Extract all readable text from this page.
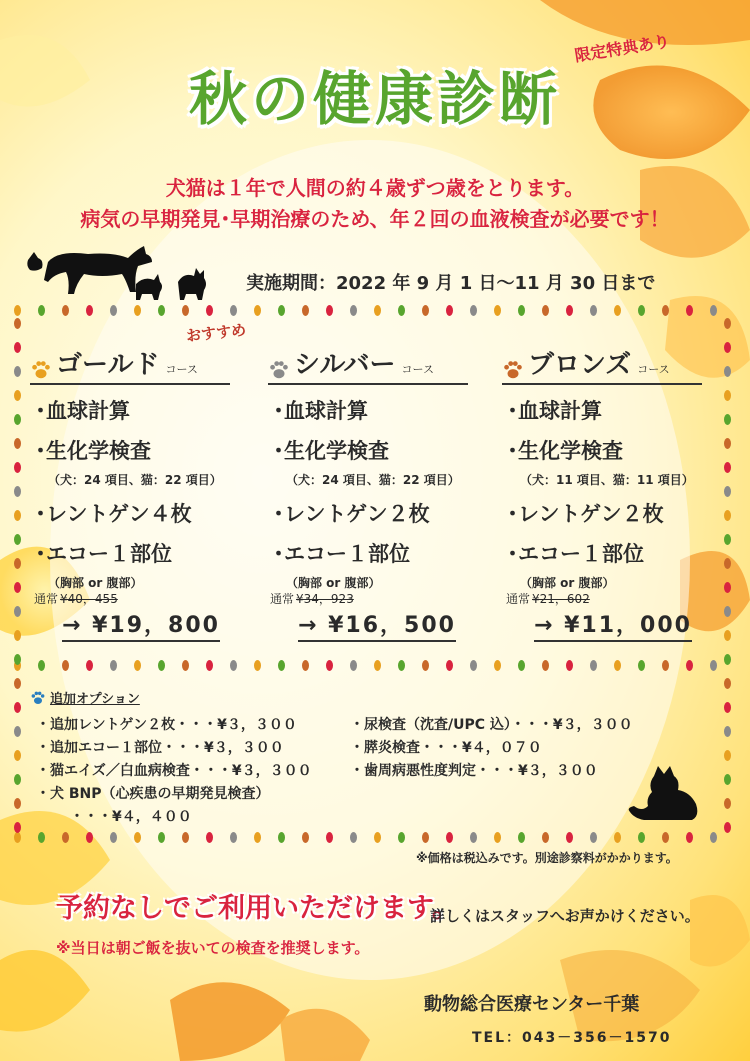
限定特典あり
秋の健康診断
犬猫は１年で人間の約４歳ずつ歳をとります。
病気の早期発見･早期治療のため、年２回の血液検査が必要です！
実施期間：2022 年 9 月 1 日～11 月 30 日まで
おすすめ
ゴールド コース
・血球計算
・生化学検査
（犬：24 項目、猫：22 項目）
・レントゲン４枚
・エコー１部位
（胸部 or 腹部）
シルバー コース
・血球計算
・生化学検査
（犬：24 項目、猫：22 項目）
・レントゲン２枚
・エコー１部位
（胸部 or 腹部）
ブロンズ コース
・血球計算
・生化学検査
（犬：11 項目、猫：11 項目）
・レントゲン２枚
・エコー１部位
（胸部 or 腹部）
通常 ¥40，455
→ ¥19，800
通常 ¥34，923
→ ¥16，500
通常 ¥21，602
→ ¥11，000
追加オプション
・追加レントゲン２枚・・・¥３，３００
・追加エコー１部位・・・¥３，３００
・猫エイズ／白血病検査・・・¥３，３００
・犬 BNP（心疾患の早期発見検査）
・・・¥４，４００
・尿検査（沈査/UPC 込）・・・¥３，３００
・膵炎検査・・・¥４，０７０
・歯周病悪性度判定・・・¥３，３００
※価格は税込みです。別途診察料がかかります。
予約なしでご利用いただけます。
詳しくはスタッフへお声かけください。
※当日は朝ご飯を抜いての検査を推奨します。
動物総合医療センター千葉
TEL：043－356－1570
